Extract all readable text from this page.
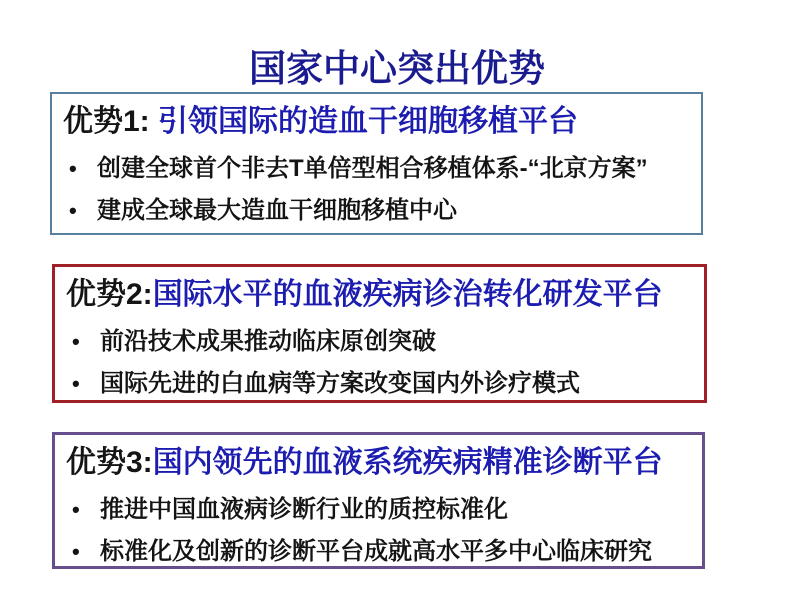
国家中心突出优势
优势1: 引领国际的造血干细胞移植平台
• 创建全球首个非去T单倍型相合移植体系-“北京方案”
• 建成全球最大造血干细胞移植中心
优势2:国际水平的血液疾病诊治转化研发平台
• 前沿技术成果推动临床原创突破
• 国际先进的白血病等方案改变国内外诊疗模式
优势3:国内领先的血液系统疾病精准诊断平台
• 推进中国血液病诊断行业的质控标准化
• 标准化及创新的诊断平台成就高水平多中心临床研究
